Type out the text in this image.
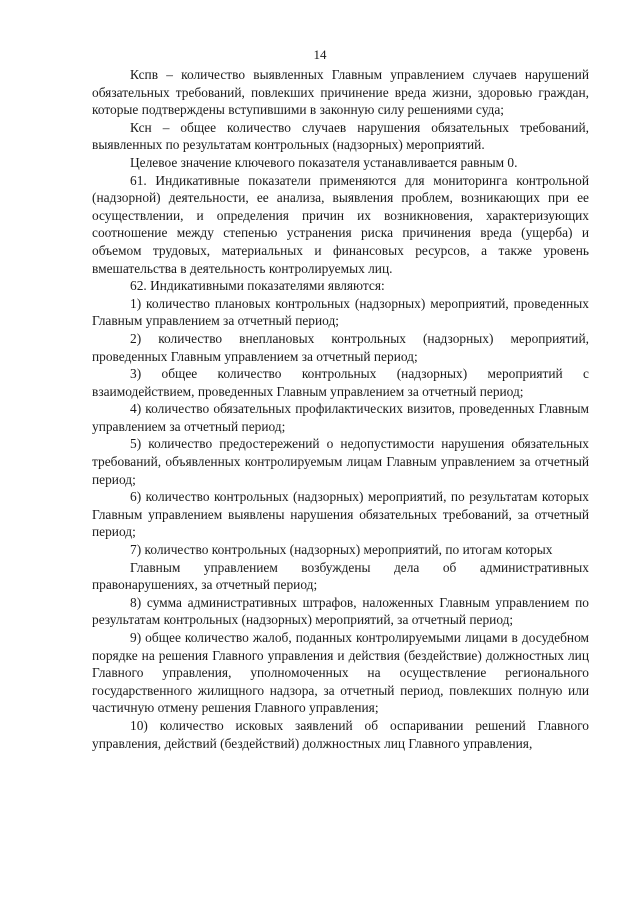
14

Кспв – количество выявленных Главным управлением случаев нарушений обязательных требований, повлекших причинение вреда жизни, здоровью граждан, которые подтверждены вступившими в законную силу решениями суда;

Ксн – общее количество случаев нарушения обязательных требований, выявленных по результатам контрольных (надзорных) мероприятий.

Целевое значение ключевого показателя устанавливается равным 0.

61. Индикативные показатели применяются для мониторинга контрольной (надзорной) деятельности, ее анализа, выявления проблем, возникающих при ее осуществлении, и определения причин их возникновения, характеризующих соотношение между степенью устранения риска причинения вреда (ущерба) и объемом трудовых, материальных и финансовых ресурсов, а также уровень вмешательства в деятельность контролируемых лиц.

62. Индикативными показателями являются:

1) количество плановых контрольных (надзорных) мероприятий, проведенных Главным управлением за отчетный период;

2) количество внеплановых контрольных (надзорных) мероприятий, проведенных Главным управлением за отчетный период;

3) общее количество контрольных (надзорных) мероприятий с взаимодействием, проведенных Главным управлением за отчетный период;

4) количество обязательных профилактических визитов, проведенных Главным управлением за отчетный период;

5) количество предостережений о недопустимости нарушения обязательных требований, объявленных контролируемым лицам Главным управлением за отчетный период;

6) количество контрольных (надзорных) мероприятий, по результатам которых Главным управлением выявлены нарушения обязательных требований, за отчетный период;

7) количество контрольных (надзорных) мероприятий, по итогам которых

Главным управлением возбуждены дела об административных правонарушениях, за отчетный период;

8) сумма административных штрафов, наложенных Главным управлением по результатам контрольных (надзорных) мероприятий, за отчетный период;

9) общее количество жалоб, поданных контролируемыми лицами в досудебном порядке на решения Главного управления и действия (бездействие) должностных лиц Главного управления, уполномоченных на осуществление регионального государственного жилищного надзора, за отчетный период, повлекших полную или частичную отмену решения Главного управления;

10) количество исковых заявлений об оспаривании решений Главного управления, действий (бездействий) должностных лиц Главного управления,
